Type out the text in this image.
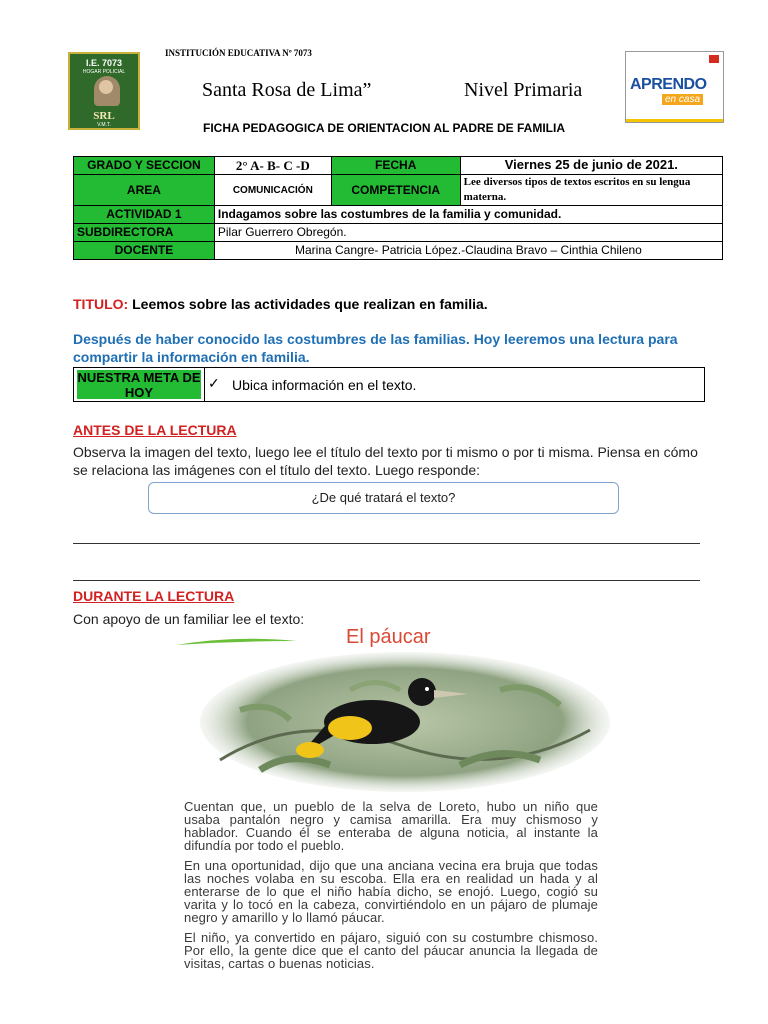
I.E. 7073
HOGAR POLICIAL
SRL
V.M.T.
INSTITUCIÓN EDUCATIVA Nº 7073
Santa Rosa de Lima”	Nivel Primaria	APRENDO
en casa
FICHA PEDAGOGICA DE ORIENTACION AL PADRE DE FAMILIA
GRADO Y SECCION	2° A- B- C -D	FECHA	Viernes 25 de junio de 2021.
AREA	COMUNICACIÓN	COMPETENCIA	Lee diversos tipos de textos escritos en su lengua materna.
ACTIVIDAD 1	Indagamos sobre las costumbres de la familia y comunidad.		
SUBDIRECTORA	Pilar Guerrero Obregón.		
DOCENTE	Marina Cangre- Patricia López.-Claudina Bravo – Cinthia Chileno		
TITULO: Leemos sobre las actividades que realizan en familia.
Después de haber conocido las costumbres de las familias. Hoy leeremos una lectura para compartir la información en familia.
NUESTRA META DE HOY
✓ Ubica información en el texto.
ANTES DE LA LECTURA
Observa la imagen del texto, luego lee el título del texto por ti mismo o por ti misma. Piensa en cómo se relaciona las imágenes con el título del texto. Luego responde:
¿De qué tratará el texto?
DURANTE LA LECTURA
Con apoyo de un familiar lee el texto:
El páucar

Cuentan que, un pueblo de la selva de Loreto, hubo un niño que usaba pantalón negro y camisa amarilla. Era muy chismoso y hablador. Cuando él se enteraba de alguna noticia, al instante la difundía por todo el pueblo.

En una oportunidad, dijo que una anciana vecina era bruja que todas las noches volaba en su escoba. Ella era en realidad un hada y al enterarse de lo que el niño había dicho, se enojó. Luego, cogió su varita y lo tocó en la cabeza, convirtiéndolo en un pájaro de plumaje negro y amarillo y lo llamó páucar.

El niño, ya convertido en pájaro, siguió con su costumbre chismoso. Por ello, la gente dice que el canto del páucar anuncia la llegada de visitas, cartas o buenas noticias.
